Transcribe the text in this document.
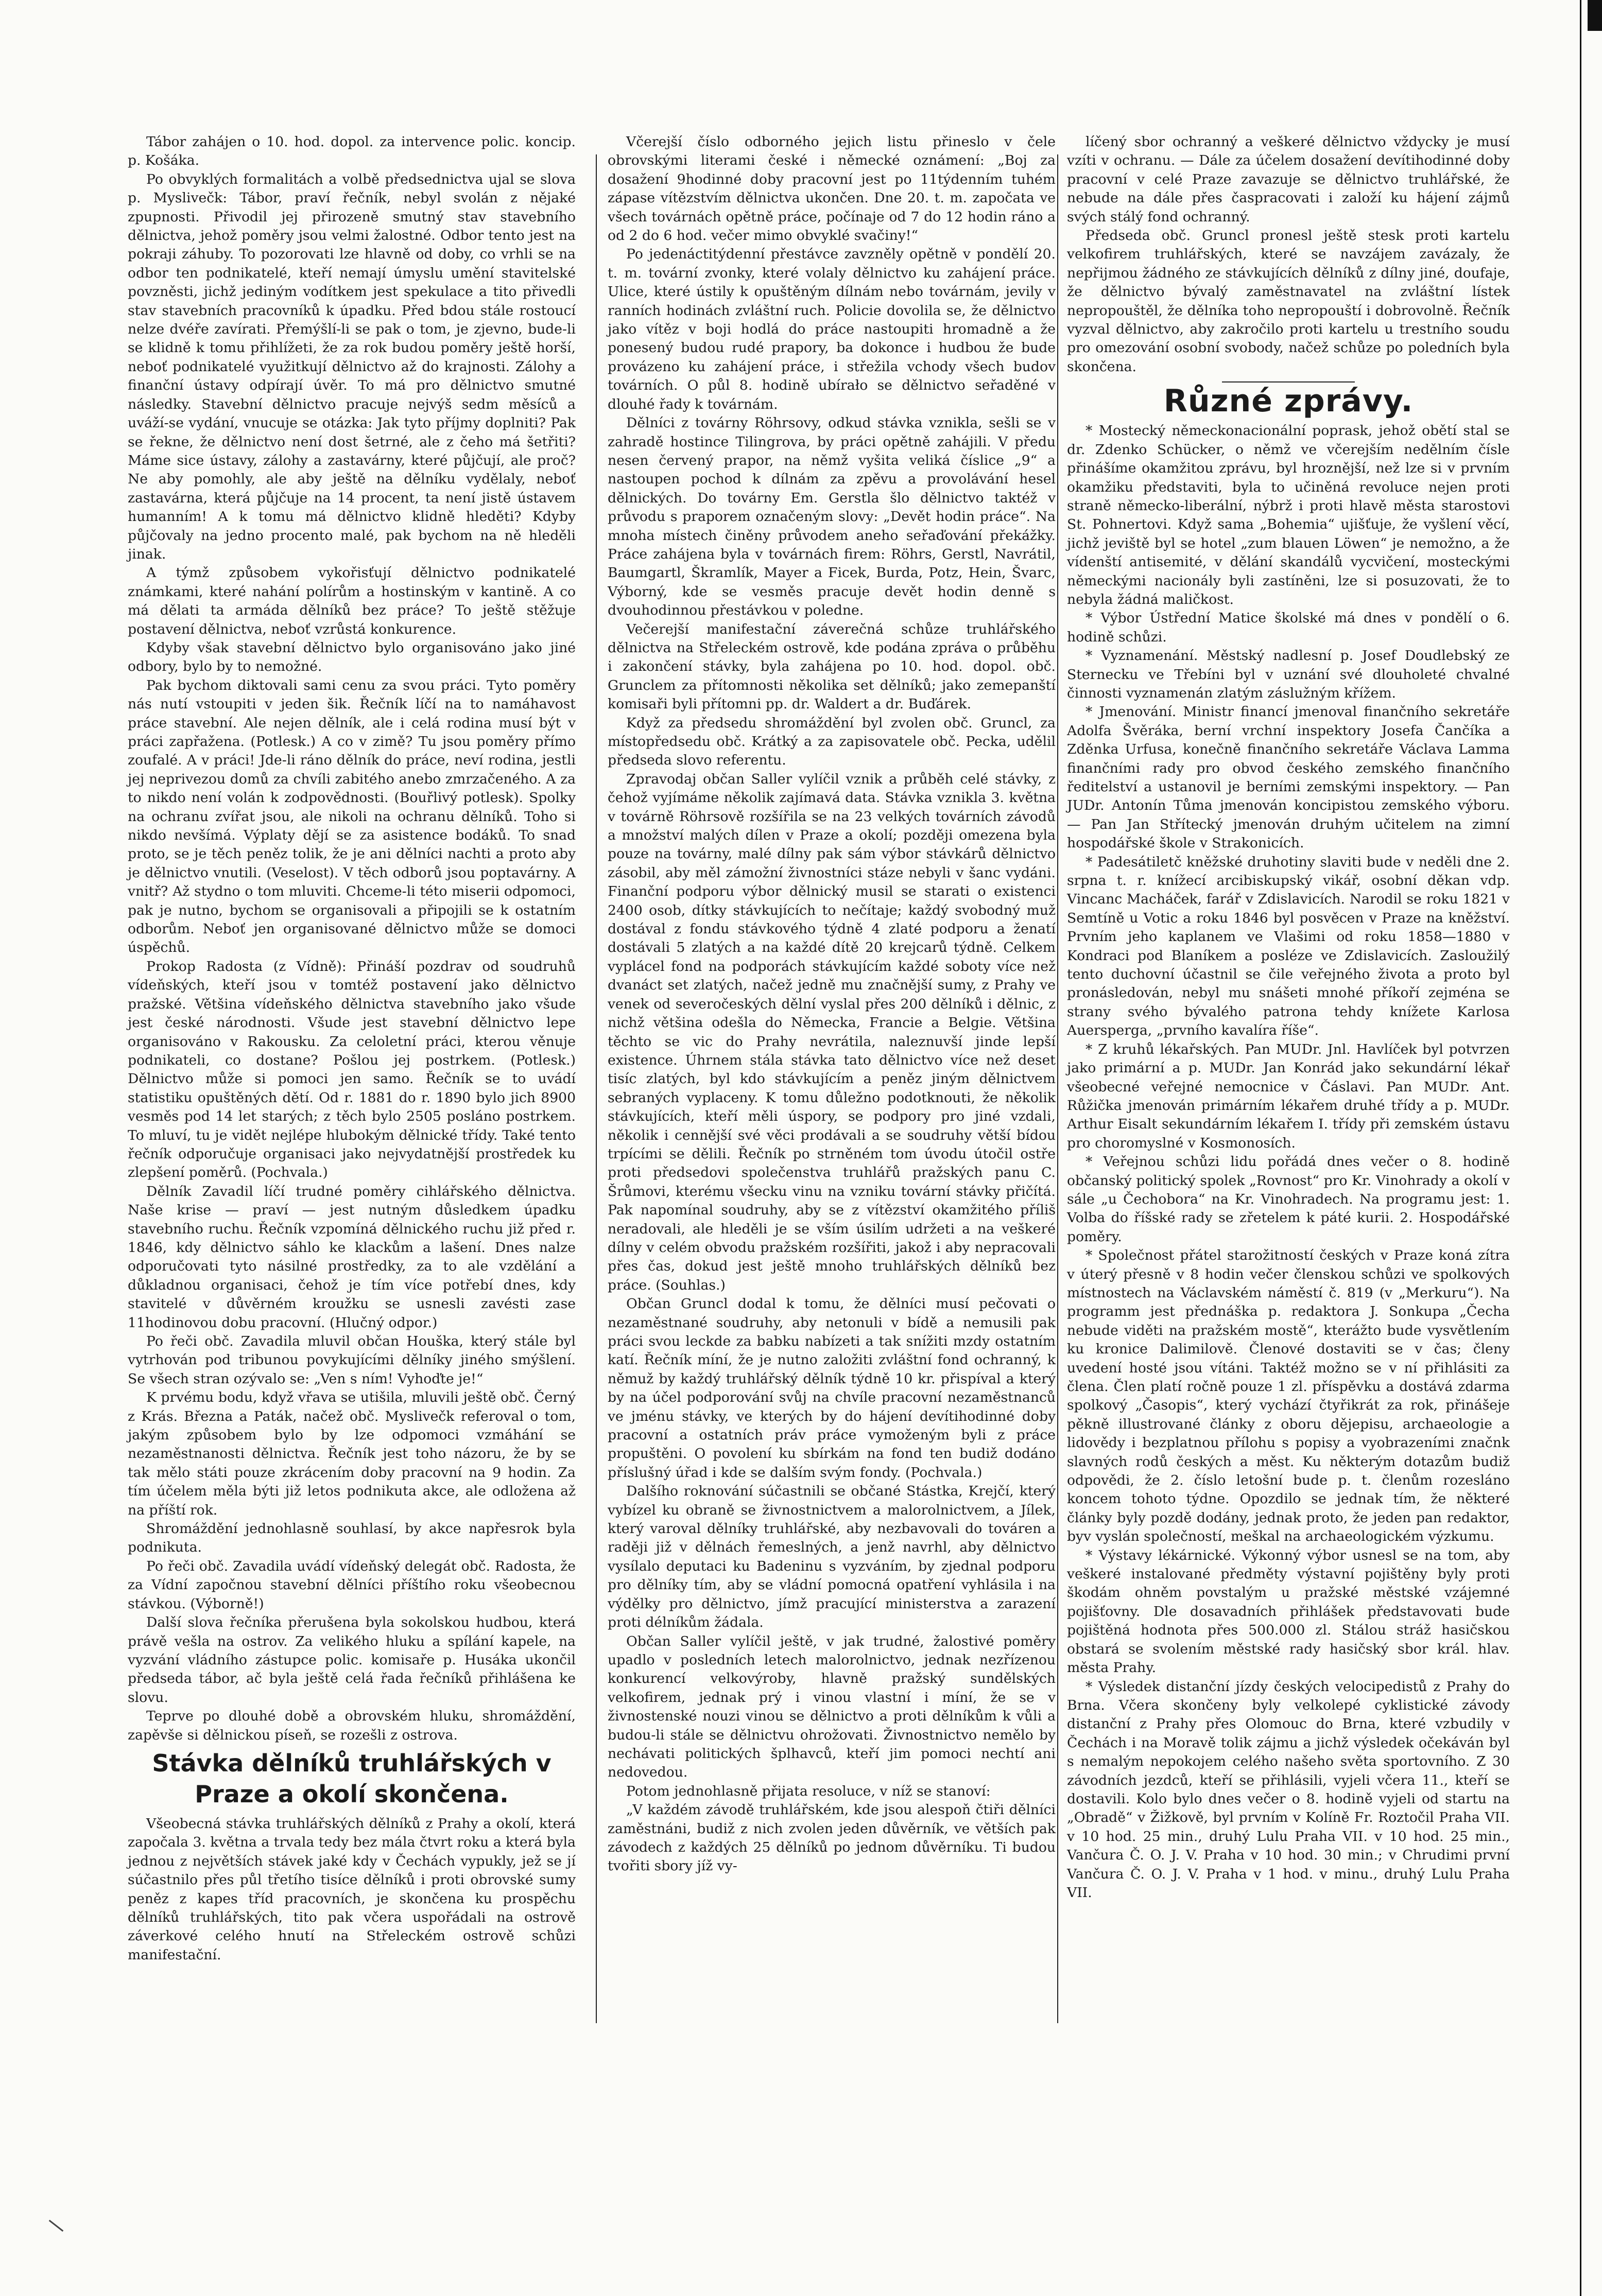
Tábor zahájen o 10. hod. dopol. za intervence polic. koncip. p. Košáka.

Po obvyklých formalitách a volbě předsednictva ujal se slova p. Myslivečk: Tábor, praví řečník, nebyl svolán z nějaké zpupnosti. Přivodil jej přirozeně smutný stav stavebního dělnictva, jehož poměry jsou velmi žalostné. Odbor tento jest na pokraji záhuby. To pozorovati lze hlavně od doby, co vrhli se na odbor ten podnikatelé, kteří nemají úmyslu umění stavitelské povzněsti, jichž jediným vodítkem jest spekulace a tito přivedli stav stavebních pracovníků k úpadku. Před bdou stále rostoucí nelze dvéře zavírati. Přemýšlí-li se pak o tom, je zjevno, bude-li se klidně k tomu přihlížeti, že za rok budou poměry ještě horší, neboť podnikatelé využitkují dělnictvo až do krajnosti. Zálohy a finanční ústavy odpírají úvěr. To má pro dělnictvo smutné následky. Stavební dělnictvo pracuje nejvýš sedm měsíců a uváží-se vydání, vnucuje se otázka: Jak tyto příjmy doplniti? Pak se řekne, že dělnictvo není dost šetrné, ale z čeho má šetřiti? Máme sice ústavy, zálohy a zastavárny, které půjčují, ale proč? Ne aby pomohly, ale aby ještě na dělníku vydělaly, neboť zastavárna, která půjčuje na 14 procent, ta není jistě ústavem humanním! A k tomu má dělnictvo klidně hleděti? Kdyby půjčovaly na jedno procento malé, pak bychom na ně hleděli jinak.

A týmž způsobem vykořisťují dělnictvo podnikatelé známkami, které nahání polírům a hostinským v kantině. A co má dělati ta armáda dělníků bez práce? To ještě stěžuje postavení dělnictva, neboť vzrůstá konkurence.

Kdyby však stavební dělnictvo bylo organisováno jako jiné odbory, bylo by to nemožné.

Pak bychom diktovali sami cenu za svou práci. Tyto poměry nás nutí vstoupiti v jeden šik. Řečník líčí na to namáhavost práce stavební. Ale nejen dělník, ale i celá rodina musí být v práci zapřažena. (Potlesk.) A co v zimě? Tu jsou poměry přímo zoufalé. A v práci! Jde-li ráno dělník do práce, neví rodina, jestli jej neprivezou domů za chvíli zabitého anebo zmrzačeného. A za to nikdo není volán k zodpovědnosti. (Bouřlivý potlesk). Spolky na ochranu zvířat jsou, ale nikoli na ochranu dělníků. Toho si nikdo nevšímá. Výplaty dějí se za asistence bodáků. To snad proto, se je těch peněz tolik, že je ani dělníci nachti a proto aby je dělnictvo vnutili. (Veselost). V těch odborů jsou poptavárny. A vnitř? Až stydno o tom mluviti. Chceme-li této miserii odpomoci, pak je nutno, bychom se organisovali a připojili se k ostatním odborům. Neboť jen organisované dělnictvo může se domoci úspěchů.

Prokop Radosta (z Vídně): Přináší pozdrav od soudruhů vídeňských, kteří jsou v tomtéž postavení jako dělnictvo pražské. Většina vídeňského dělnictva stavebního jako všude jest české národnosti. Všude jest stavební dělnictvo lepe organisováno v Rakousku. Za celoletní práci, kterou věnuje podnikateli, co dostane? Pošlou jej postrkem. (Potlesk.) Dělnictvo může si pomoci jen samo. Řečník se to uvádí statistiku opuštěných dětí. Od r. 1881 do r. 1890 bylo jich 8900 vesměs pod 14 let starých; z těch bylo 2505 posláno postrkem. To mluví, tu je vidět nejlépe hlubokým dělnické třídy. Také tento řečník odporučuje organisaci jako nejvydatnější prostředek ku zlepšení poměrů. (Pochvala.)

Dělník Zavadil líčí trudné poměry cihlářského dělnictva. Naše krise — praví — jest nutným důsledkem úpadku stavebního ruchu. Řečník vzpomíná dělnického ruchu již před r. 1846, kdy dělnictvo sáhlo ke klackům a lašení. Dnes nalze odporučovati tyto násilné prostředky, za to ale vzdělání a důkladnou organisaci, čehož je tím více potřebí dnes, kdy stavitelé v důvěrném kroužku se usnesli zavésti zase 11hodinovou dobu pracovní. (Hlučný odpor.)

Po řeči obč. Zavadila mluvil občan Houška, který stále byl vytrhován pod tribunou povykujícími dělníky jiného smýšlení. Se všech stran ozývalo se: „Ven s ním! Vyhoďte je!“

K prvému bodu, když vřava se utišila, mluvili ještě obč. Černý z Krás. Března a Paták, načež obč. Myslivečk referoval o tom, jakým způsobem bylo by lze odpomoci vzmáhání se nezaměstnanosti dělnictva. Řečník jest toho názoru, že by se tak mělo státi pouze zkrácením doby pracovní na 9 hodin. Za tím účelem měla býti již letos podnikuta akce, ale odložena až na příští rok.

Shromáždění jednohlasně souhlasí, by akce napřesrok byla podnikuta.

Po řeči obč. Zavadila uvádí vídeňský delegát obč. Radosta, že za Vídní započnou stavební dělníci příštího roku všeobecnou stávkou. (Výborně!)

Další slova řečníka přerušena byla sokolskou hudbou, která právě vešla na ostrov. Za velikého hluku a spílání kapele, na vyzvání vládního zástupce polic. komisaře p. Husáka ukončil předseda tábor, ač byla ještě celá řada řečníků přihlášena ke slovu.

Teprve po dlouhé době a obrovském hluku, shromáždění, zapěvše si dělnickou píseň, se rozešli z ostrova.

Stávka dělníků truhlářských v Praze a okolí skončena.

Všeobecná stávka truhlářských dělníků z Prahy a okolí, která započala 3. května a trvala tedy bez mála čtvrt roku a která byla jednou z největších stávek jaké kdy v Čechách vypukly, jež se jí súčastnilo přes půl třetího tisíce dělníků i proti obrovské sumy peněz z kapes tříd pracovních, je skončena ku prospěchu dělníků truhlářských, tito pak včera uspořádali na ostrově záverkové celého hnutí na Střeleckém ostrově schůzi manifestační.

Včerejší číslo odborného jejich listu přineslo v čele obrovskými literami české i německé oznámení: „Boj za dosažení 9hodinné doby pracovní jest po 11týdenním tuhém zápase vítězstvím dělnictva ukončen. Dne 20. t. m. započata ve všech továrnách opětně práce, počínaje od 7 do 12 hodin ráno a od 2 do 6 hod. večer mimo obvyklé svačiny!“

Po jedenáctitýdenní přestávce zavzněly opětně v pondělí 20. t. m. tovární zvonky, které volaly dělnictvo ku zahájení práce. Ulice, které ústily k opuštěným dílnám nebo továrnám, jevily v ranních hodinách zvláštní ruch. Policie dovolila se, že dělnictvo jako vítěz v boji hodlá do práce nastoupiti hromadně a že ponesený budou rudé prapory, ba dokonce i hudbou že bude provázeno ku zahájení práce, i střežila vchody všech budov továrních. O půl 8. hodině ubírało se dělnictvo seřaděné v dlouhé řady k továrnám.

Dělníci z továrny Röhrsovy, odkud stávka vznikla, sešli se v zahradě hostince Tilingrova, by práci opětně zahájili. V předu nesen červený prapor, na němž vyšita veliká číslice „9“ a nastoupen pochod k dílnám za zpěvu a provolávání hesel dělnických. Do továrny Em. Gerstla šlo dělnictvo taktéž v průvodu s praporem označeným slovy: „Devět hodin práce“. Na mnoha místech činěny průvodem aneho seřaďování překážky. Práce zahájena byla v továrnách firem: Röhrs, Gerstl, Navrátil, Baumgartl, Škramlík, Mayer a Ficek, Burda, Potz, Hein, Švarc, Výborný, kde se vesměs pracuje devět hodin denně s dvouhodinnou přestávkou v poledne.

Večerejší manifestační záverečná schůze truhlářského dělnictva na Střeleckém ostrově, kde podána zpráva o průběhu i zakončení stávky, byla zahájena po 10. hod. dopol. obč. Grunclem za přítomnosti několika set dělníků; jako zemepanští komisaři byli přítomni pp. dr. Waldert a dr. Buďárek.

Když za předsedu shromáždění byl zvolen obč. Gruncl, za místopředsedu obč. Krátký a za zapisovatele obč. Pecka, udělil předseda slovo referentu.

Zpravodaj občan Saller vylíčil vznik a průběh celé stávky, z čehož vyjímáme několik zajímavá data. Stávka vznikla 3. května v továrně Röhrsově rozšířila se na 23 velkých továrních závodů a množství malých dílen v Praze a okolí; později omezena byla pouze na továrny, malé dílny pak sám výbor stávkárů dělnictvo zásobil, aby měl zámožní živnostníci stáze nebyli v šanc vydáni. Finanční podporu výbor dělnický musil se starati o existenci 2400 osob, dítky stávkujících to nečítaje; každý svobodný muž dostával z fondu stávkového týdně 4 zlaté podporu a ženatí dostávali 5 zlatých a na každé dítě 20 krejcarů týdně. Celkem vyplácel fond na podporách stávkujícím každé soboty více než dvanáct set zlatých, načež jedně mu značnější sumy, z Prahy ve venek od severočeských dělní vyslal přes 200 dělníků i dělnic, z nichž většina odešla do Německa, Francie a Belgie. Většina těchto se vic do Prahy nevrátila, naleznuvší jinde lepší existence. Úhrnem stála stávka tato dělnictvo více než deset tisíc zlatých, byl kdo stávkujícím a peněz jiným dělnictvem sebraných vyplaceny. K tomu důležno podotknouti, že několik stávkujících, kteří měli úspory, se podpory pro jiné vzdali, několik i cennější své věci prodávali a se soudruhy větší bídou trpícími se dělili. Řečník po strněném tom úvodu útočil ostře proti předsedovi společenstva truhlářů pražských panu C. Šrůmovi, kterému všecku vinu na vzniku tovární stávky přičítá. Pak napomínal soudruhy, aby se z vítězství okamžitého příliš neradovali, ale hleděli je se vším úsilím udržeti a na veškeré dílny v celém obvodu pražském rozšířiti, jakož i aby nepracovali přes čas, dokud jest ještě mnoho truhlářských dělníků bez práce. (Souhlas.)

Občan Gruncl dodal k tomu, že dělníci musí pečovati o nezaměstnané soudruhy, aby netonuli v bídě a nemusili pak práci svou leckde za babku nabízeti a tak snížiti mzdy ostatním katí. Řečník míní, že je nutno založiti zvláštní fond ochranný, k němuž by každý truhlářský dělník týdně 10 kr. přispíval a který by na účel podporování svůj na chvíle pracovní nezaměstnanců ve jménu stávky, ve kterých by do hájení devítihodinné doby pracovní a ostatních práv práce vymoženým byli z práce propuštěni. O povolení ku sbírkám na fond ten budiž dodáno příslušný úřad i kde se dalším svým fondy. (Pochvala.)

Dalšího roknování súčastnili se občané Stástka, Krejčí, který vybízel ku obraně se živnostnictvem a malorolnictvem, a Jílek, který varoval dělníky truhlářské, aby nezbavovali do továren a raději již v dělnách řemeslných, a jenž navrhl, aby dělnictvo vysílalo deputaci ku Badeninu s vyzváním, by zjednal podporu pro dělníky tím, aby se vládní pomocná opatření vyhlásila i na výdělky pro dělnictvo, jímž pracující ministerstva a zarazení proti délníkům žádala.

Občan Saller vylíčil ještě, v jak trudné, žalostivé poměry upadlo v posledních letech malorolnictvo, jednak nezřízenou konkurencí velkovýroby, hlavně pražský sundělských velkofirem, jednak prý i vinou vlastní i míní, že se v živnostenské nouzi vinou se dělnictvo a proti dělníkům k vůli a budou-li stále se dělnictvu ohrožovati. Živnostnictvo nemělo by nechávati politických šplhavců, kteří jim pomoci nechtí ani nedovedou.

Potom jednohlasně přijata resoluce, v níž se stanoví:

„V každém závodě truhlářském, kde jsou alespoň čtiři dělníci zaměstnáni, budiž z nich zvolen jeden důvěrník, ve větších pak závodech z každých 25 dělníků po jednom důvěrníku. Ti budou tvořiti sbory jíž vy-

líčený sbor ochranný a veškeré dělnictvo vždycky je musí vzíti v ochranu. — Dále za účelem dosažení devítihodinné doby pracovní v celé Praze zavazuje se dělnictvo truhlářské, že nebude na dále přes časpracovati i založí ku hájení zájmů svých stálý fond ochranný.

Předseda obč. Gruncl pronesl ještě stesk proti kartelu velkofirem truhlářských, které se navzájem zavázaly, že nepřijmou žádného ze stávkujících dělníků z dílny jiné, doufaje, že dělnictvo bývalý zaměstnavatel na zvláštní lístek nepropouštěl, že dělníka toho nepropouští i dobrovolně. Řečník vyzval dělnictvo, aby zakročilo proti kartelu u trestního soudu pro omezování osobní svobody, načež schůze po poledních byla skončena.

Různé zprávy.

* Mostecký německonacionální poprask, jehož obětí stal se dr. Zdenko Schücker, o němž ve včerejším nedělním čísle přinášíme okamžitou zprávu, byl hroznější, než lze si v prvním okamžiku představiti, byla to učiněná revoluce nejen proti straně německo-liberální, nýbrž i proti hlavě města starostovi St. Pohnertovi. Když sama „Bohemia“ ujišťuje, že vyšlení věcí, jichž jeviště byl se hotel „zum blauen Löwen“ je nemožno, a že vídenští antisemité, v dělání skandálů vycvičení, mosteckými německými nacionály byli zastíněni, lze si posuzovati, že to nebyla žádná maličkost.

* Výbor Ústřední Matice školské má dnes v pondělí o 6. hodině schůzi.

* Vyznamenání. Městský nadlesní p. Josef Doudlebský ze Sternecku ve Třebíni byl v uznání své dlouholeté chvalné činnosti vyznamenán zlatým záslužným křížem.

* Jmenování. Ministr financí jmenoval finančního sekretáře Adolfa Švěráka, berní vrchní inspektory Josefa Čančíka a Zděnka Urfusa, konečně finančního sekretáře Václava Lamma finančními rady pro obvod českého zemského finančního ředitelství a ustanovil je berními zemskými inspektory. — Pan JUDr. Antonín Tůma jmenován koncipistou zemského výboru. — Pan Jan Střítecký jmenován druhým učitelem na zimní hospodářské škole v Strakonicích.

* Padesátiletč kněžské druhotiny slaviti bude v neděli dne 2. srpna t. r. knížecí arcibiskupský vikář, osobní děkan vdp. Vincanc Macháček, farář v Zdislavicích. Narodil se roku 1821 v Semtíně u Votic a roku 1846 byl posvěcen v Praze na kněžství. Prvním jeho kaplanem ve Vlašimi od roku 1858—1880 v Kondraci pod Blaníkem a posléze ve Zdislavicích. Zasloužilý tento duchovní účastnil se čile veřejného života a proto byl pronásledován, nebyl mu snášeti mnohé příkoří zejména se strany svého bývalého patrona tehdy knížete Karlosa Auerspergа, „prvního kavalíra říše“.

* Z kruhů lékařských. Pan MUDr. Jnl. Havlíček byl potvrzen jako primární a p. MUDr. Jan Konrád jako sekundární lékař všeobecné veřejné nemocnice v Čáslavi. Pan MUDr. Ant. Růžička jmenován primárním lékařem druhé třídy a p. MUDr. Arthur Eisalt sekundárním lékařem I. třídy při zemském ústavu pro choromyslné v Kosmonosích.

* Veřejnou schůzi lidu pořádá dnes večer o 8. hodině občanský politický spolek „Rovnost“ pro Kr. Vinohrady a okolí v sále „u Čechobora“ na Kr. Vinohradech. Na programu jest: 1. Volba do říšské rady se zřetelem k páté kurii. 2. Hospodářské poměry.

* Společnost přátel starožitností českých v Praze koná zítra v úterý přesně v 8 hodin večer členskou schůzi ve spolkových místnostech na Václavském náměstí č. 819 (v „Merkuru“). Na programm jest přednáška p. redaktora J. Sonkupa „Čecha nebude viděti na pražském mostě“, kterážto bude vysvětlením ku kronice Dalimilově. Členové dostaviti se v čas; členy uvedení hosté jsou vítáni. Taktéž možno se v ní přihlásiti za člena. Člen platí ročně pouze 1 zl. příspěvku a dostává zdarma spolkový „Časopis“, který vychází čtyřikrát za rok, přinášeje pěkně illustrované články z oboru dějepisu, archaeologie a lidovědy i bezplatnou přílohu s popisy a vyobrazeními značnk slavných rodů českých a měst. Ku některým dotazům budiž odpovědi, že 2. číslo letošní bude p. t. členům rozesláno koncem tohoto týdne. Opozdilo se jednak tím, že některé články byly pozdě dodány, jednak proto, že jeden pan redaktor, byv vyslán společností, meškal na archaeologickém výzkumu.

* Výstavy lékárnické. Výkonný výbor usnesl se na tom, aby veškeré instalované předměty výstavní pojištěny byly proti škodám ohněm povstalým u pražské městské vzájemné pojišťovny. Dle dosavadních přihlášek představovati bude pojištěná hodnota přes 500.000 zl. Stálou stráž hasičskou obstará se svolením městské rady hasičský sbor král. hlav. města Prahy.

* Výsledek distanční jízdy českých velocipedistů z Prahy do Brna. Včera skončeny byly velkolepé cyklistické závody distanční z Prahy přes Olomouc do Brna, které vzbudily v Čechách i na Moravě tolik zájmu a jichž výsledek očekáván byl s nemalým nepokojem celého našeho světa sportovního. Z 30 závodních jezdců, kteří se přihlásili, vyjeli včera 11., kteří se dostavili. Kolo bylo dnes večer o 8. hodině vyjeli od startu na „Obradě“ v Žižkově, byl prvním v Kolíně Fr. Roztočil Praha VII. v 10 hod. 25 min., druhý Lulu Praha VII. v 10 hod. 25 min., Vančura Č. O. J. V. Praha v 10 hod. 30 min.; v Chrudimi první Vančura Č. O. J. V. Praha v 1 hod. v minu., druhý Lulu Praha VII.
